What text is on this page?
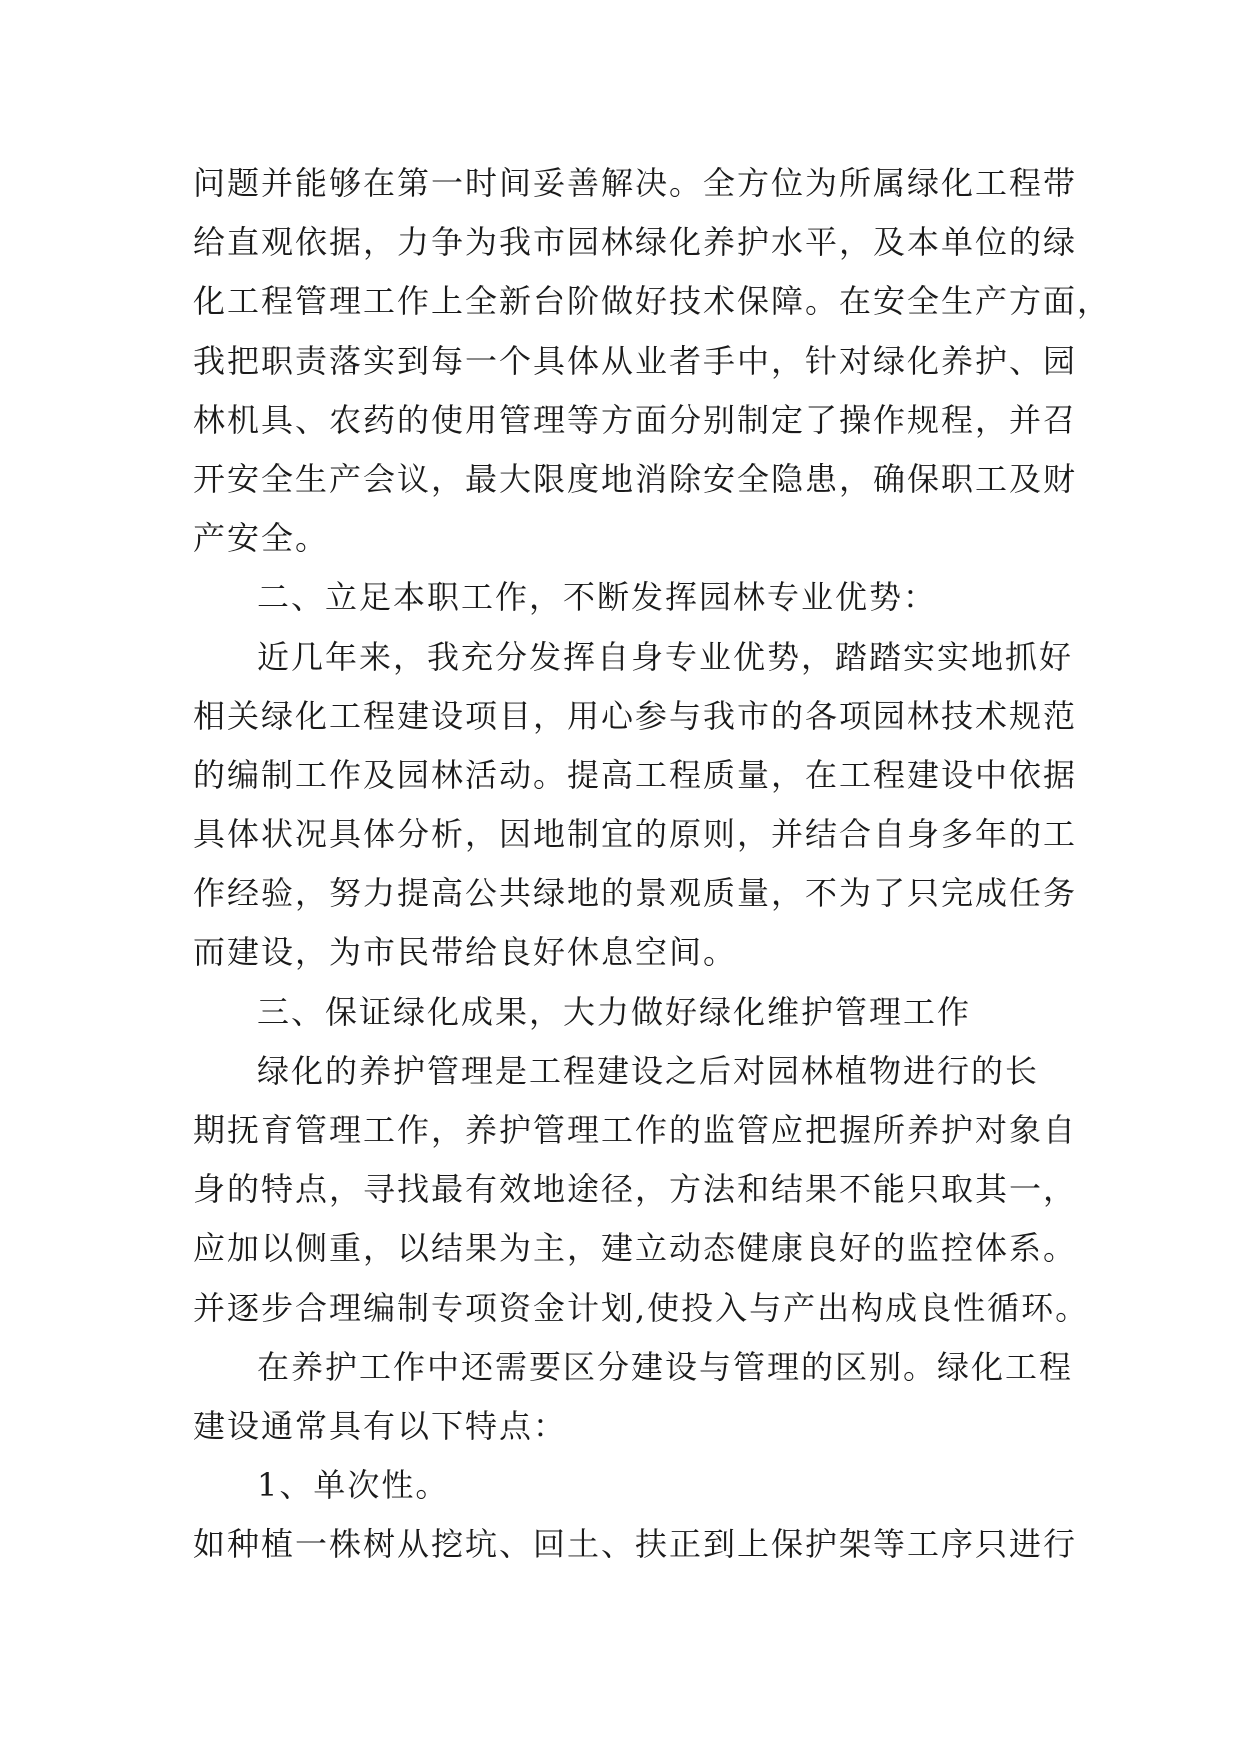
问题并能够在第一时间妥善解决。全方位为所属绿化工程带
给直观依据，力争为我市园林绿化养护水平，及本单位的绿
化工程管理工作上全新台阶做好技术保障。在安全生产方面，
我把职责落实到每一个具体从业者手中，针对绿化养护、园
林机具、农药的使用管理等方面分别制定了操作规程，并召
开安全生产会议，最大限度地消除安全隐患，确保职工及财
产安全。
二、立足本职工作，不断发挥园林专业优势：
近几年来，我充分发挥自身专业优势，踏踏实实地抓好
相关绿化工程建设项目，用心参与我市的各项园林技术规范
的编制工作及园林活动。提高工程质量，在工程建设中依据
具体状况具体分析，因地制宜的原则，并结合自身多年的工
作经验，努力提高公共绿地的景观质量，不为了只完成任务
而建设，为市民带给良好休息空间。
三、保证绿化成果，大力做好绿化维护管理工作
绿化的养护管理是工程建设之后对园林植物进行的长
期抚育管理工作，养护管理工作的监管应把握所养护对象自
身的特点，寻找最有效地途径，方法和结果不能只取其一，
应加以侧重，以结果为主，建立动态健康良好的监控体系。
并逐步合理编制专项资金计划,使投入与产出构成良性循环。
在养护工作中还需要区分建设与管理的区别。绿化工程
建设通常具有以下特点：
1、单次性。
如种植一株树从挖坑、回土、扶正到上保护架等工序只进行
